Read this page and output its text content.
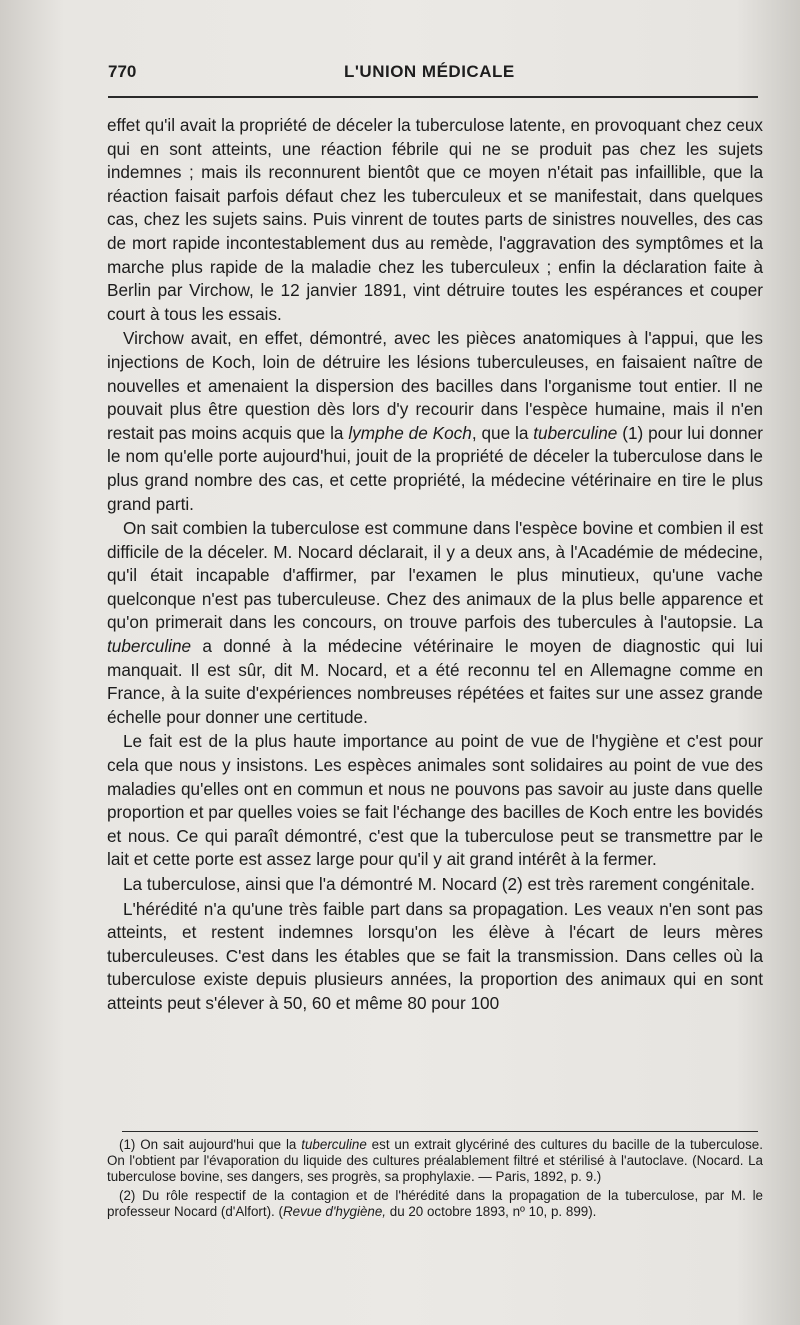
770	L'UNION MÉDICALE

effet qu'il avait la propriété de déceler la tuberculose latente, en provoquant chez ceux qui en sont atteints, une réaction fébrile qui ne se produit pas chez les sujets indemnes ; mais ils reconnurent bientôt que ce moyen n'était pas infaillible, que la réaction faisait parfois défaut chez les tuberculeux et se manifestait, dans quelques cas, chez les sujets sains. Puis vinrent de toutes parts de sinistres nouvelles, des cas de mort rapide incontestablement dus au remède, l'aggravation des symptômes et la marche plus rapide de la maladie chez les tuberculeux ; enfin la déclaration faite à Berlin par Virchow, le 12 janvier 1891, vint détruire toutes les espérances et couper court à tous les essais.

Virchow avait, en effet, démontré, avec les pièces anatomiques à l'appui, que les injections de Koch, loin de détruire les lésions tuberculeuses, en faisaient naître de nouvelles et amenaient la dispersion des bacilles dans l'organisme tout entier. Il ne pouvait plus être question dès lors d'y recourir dans l'espèce humaine, mais il n'en restait pas moins acquis que la lymphe de Koch, que la tuberculine (1) pour lui donner le nom qu'elle porte aujourd'hui, jouit de la propriété de déceler la tuberculose dans le plus grand nombre des cas, et cette propriété, la médecine vétérinaire en tire le plus grand parti.

On sait combien la tuberculose est commune dans l'espèce bovine et combien il est difficile de la déceler. M. Nocard déclarait, il y a deux ans, à l'Académie de médecine, qu'il était incapable d'affirmer, par l'examen le plus minutieux, qu'une vache quelconque n'est pas tuberculeuse. Chez des animaux de la plus belle apparence et qu'on primerait dans les concours, on trouve parfois des tubercules à l'autopsie. La tuberculine a donné à la médecine vétérinaire le moyen de diagnostic qui lui manquait. Il est sûr, dit M. Nocard, et a été reconnu tel en Allemagne comme en France, à la suite d'expériences nombreuses répétées et faites sur une assez grande échelle pour donner une certitude.

Le fait est de la plus haute importance au point de vue de l'hygiène et c'est pour cela que nous y insistons. Les espèces animales sont solidaires au point de vue des maladies qu'elles ont en commun et nous ne pouvons pas savoir au juste dans quelle proportion et par quelles voies se fait l'échange des bacilles de Koch entre les bovidés et nous. Ce qui paraît démontré, c'est que la tuberculose peut se transmettre par le lait et cette porte est assez large pour qu'il y ait grand intérêt à la fermer.

La tuberculose, ainsi que l'a démontré M. Nocard (2) est très rarement congénitale.

L'hérédité n'a qu'une très faible part dans sa propagation. Les veaux n'en sont pas atteints, et restent indemnes lorsqu'on les élève à l'écart de leurs mères tuberculeuses. C'est dans les étables que se fait la transmission. Dans celles où la tuberculose existe depuis plusieurs années, la proportion des animaux qui en sont atteints peut s'élever à 50, 60 et même 80 pour 100

(1) On sait aujourd'hui que la tuberculine est un extrait glycériné des cultures du bacille de la tuberculose. On l'obtient par l'évaporation du liquide des cultures préalablement filtré et stérilisé à l'autoclave. (Nocard. La tuberculose bovine, ses dangers, ses progrès, sa prophylaxie. — Paris, 1892, p. 9.)

(2) Du rôle respectif de la contagion et de l'hérédité dans la propagation de la tuberculose, par M. le professeur Nocard (d'Alfort). (Revue d'hygiène, du 20 octobre 1893, nº 10, p. 899).
